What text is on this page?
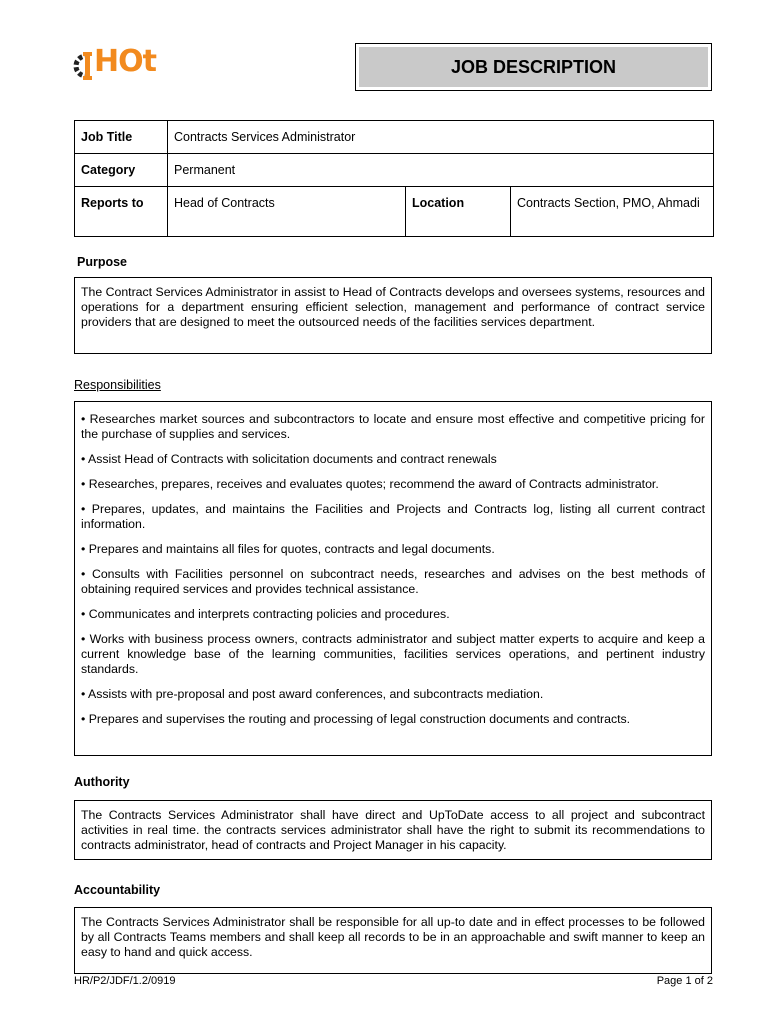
HOt	JOB DESCRIPTION
Job Title	Contracts Services Administrator		
Category	Permanent		
Reports to	Head of Contracts	Location	Contracts Section, PMO, Ahmadi
Purpose

The Contract Services Administrator in assist to Head of Contracts develops and oversees systems, resources and operations for a department ensuring efficient selection, management and performance of contract service providers that are designed to meet the outsourced needs of the facilities services department.

Responsibilities

• Researches market sources and subcontractors to locate and ensure most effective and competitive pricing for the purchase of supplies and services.

• Assist Head of Contracts with solicitation documents and contract renewals

• Researches, prepares, receives and evaluates quotes; recommend the award of Contracts administrator.

• Prepares, updates, and maintains the Facilities and Projects and Contracts log, listing all current contract information.

• Prepares and maintains all files for quotes, contracts and legal documents.

• Consults with Facilities personnel on subcontract needs, researches and advises on the best methods of obtaining required services and provides technical assistance.

• Communicates and interprets contracting policies and procedures.

• Works with business process owners, contracts administrator and subject matter experts to acquire and keep a current knowledge base of the learning communities, facilities services operations, and pertinent industry standards.

• Assists with pre-proposal and post award conferences, and subcontracts mediation.

• Prepares and supervises the routing and processing of legal construction documents and contracts.

Authority

The Contracts Services Administrator shall have direct and UpToDate access to all project and subcontract activities in real time. the contracts services administrator shall have the right to submit its recommendations to contracts administrator, head of contracts and Project Manager in his capacity.

Accountability

The Contracts Services Administrator shall be responsible for all up-to date and in effect processes to be followed by all Contracts Teams members and shall keep all records to be in an approachable and swift manner to keep an easy to hand and quick access.

HR/P2/JDF/1.2/0919	Page 1 of 2
